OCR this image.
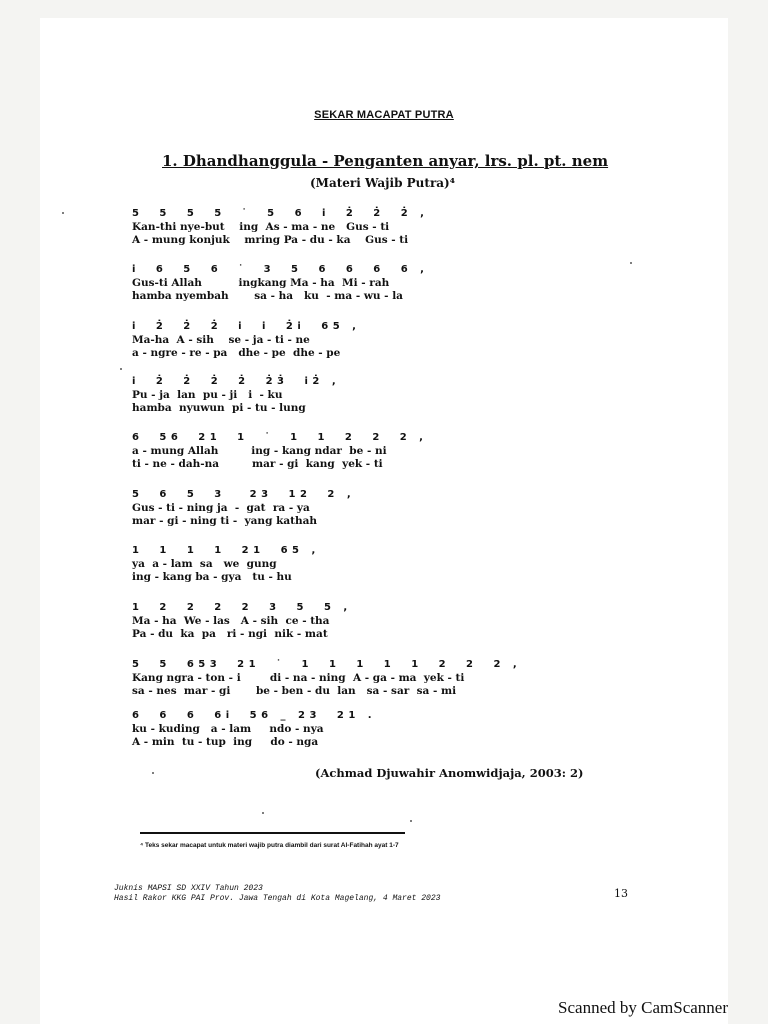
SEKAR MACAPAT PUTRA
1. Dhandhanggula - Penganten anyar, lrs. pl. pt. nem
(Materi Wajib Putra)⁴
5  5  5  5  ˙  5  6  i  2̇  2̇  2̇ ,
Kan-thi nye-but    ing  As - ma - ne   Gus - ti
A - mung konjuk    mring Pa - du - ka    Gus - ti
i  6  5  6  ˙  3  5  6  6  6  6 ,
Gus-ti Allah          ingkang Ma - ha  Mi - rah
hamba nyembah       sa - ha   ku  - ma - wu - la
i  2̇  2̇  2̇  i  i  2̇i  65 ,
Ma-ha  A - sih    se - ja - ti - ne
a - ngre - re - pa   dhe - pe  dhe - pe
i  2̇  2̇  2̇  2̇  2̇3̇  i2̇ ,
Pu - ja  lan  pu - ji   i  - ku
hamba  nyuwun  pi - tu - lung
6  56  21  1  ˙  1  1  2  2  2 ,
a - mung Allah         ing - kang ndar  be - ni
ti - ne - dah-na         mar - gi  kang  yek - ti
5  6  5  3   23  12  2 ,
Gus - ti - ning ja  -  gat  ra - ya
mar - gi - ning ti -  yang kathah
1  1  1  1  21  65 ,
ya  a - lam  sa   we  gung
ing - kang ba - gya   tu - hu
1  2  2  2  2  3  5  5 ,
Ma - ha  We - las   A - sih  ce - tha
Pa - du  ka  pa   ri - ngi  nik - mat
5  5  653  21  ˙  1  1  1  1  1  2  2  2 ,
Kang ngra - ton - i        di - na - ning  A - ga - ma  yek - ti
sa - nes  mar - gi       be - ben - du  lan   sa - sar  sa - mi
6  6  6  6i  56 _ 23  21 .
ku - kuding   a - lam     ndo - nya
A - min  tu - tup  ing     do - nga
(Achmad Djuwahir Anomwidjaja, 2003: 2)
⁴ Teks sekar macapat untuk materi wajib putra diambil dari surat Al-Fatihah ayat 1-7
Juknis MAPSI SD XXIV Tahun 2023
Hasil Rakor KKG PAI Prov. Jawa Tengah di Kota Magelang, 4 Maret 2023	13
Scanned by CamScanner
